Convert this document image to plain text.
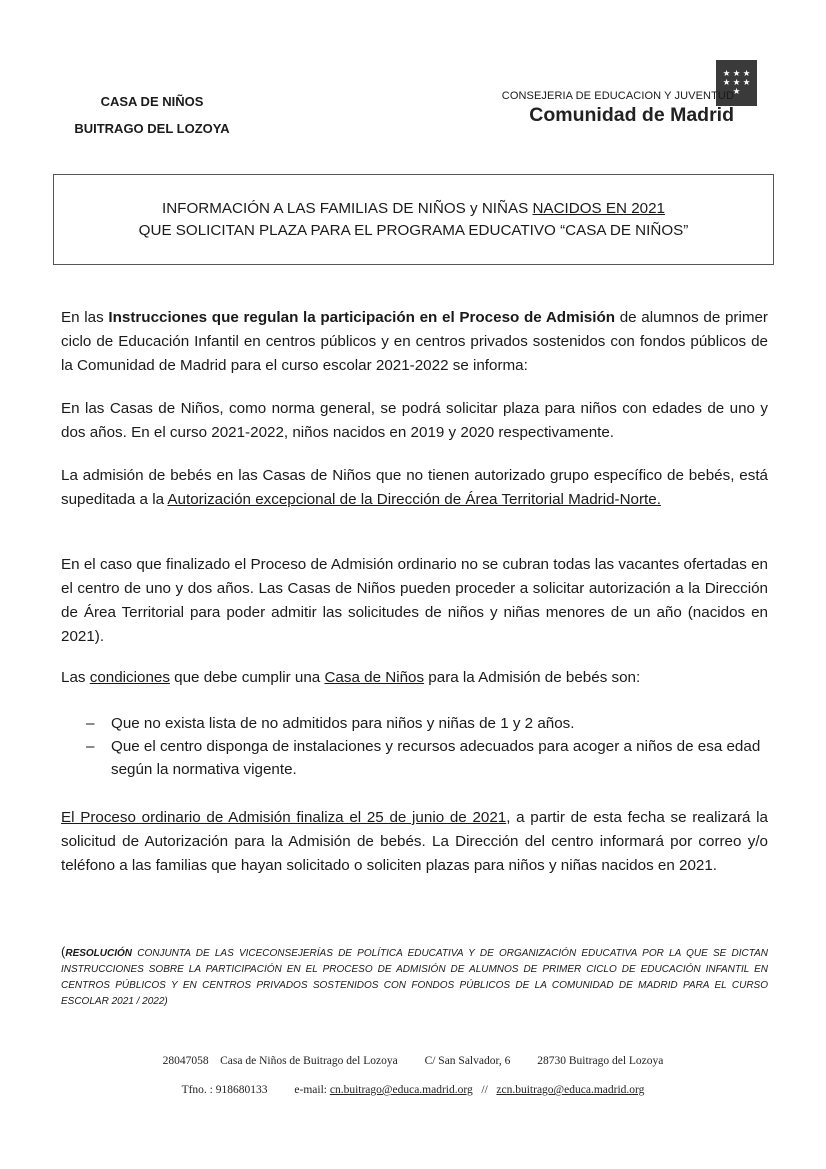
CASA DE NIÑOS
BUITRAGO DEL LOZOYA
★ ★ ★
★ ★ ★
★
CONSEJERIA DE EDUCACION Y JUVENTUD
Comunidad de Madrid
INFORMACIÓN A LAS FAMILIAS DE NIÑOS y NIÑAS NACIDOS EN 2021
QUE SOLICITAN PLAZA PARA EL PROGRAMA EDUCATIVO “CASA DE NIÑOS”
En las Instrucciones que regulan la participación en el Proceso de Admisión de alumnos de primer ciclo de Educación Infantil en centros públicos y en centros privados sostenidos con fondos públicos de la Comunidad de Madrid para el curso escolar 2021-2022 se informa:
En las Casas de Niños, como norma general, se podrá solicitar plaza para niños con edades de uno y dos años. En el curso 2021-2022, niños nacidos en 2019 y 2020 respectivamente.
La admisión de bebés en las Casas de Niños que no tienen autorizado grupo específico de bebés, está supeditada a la Autorización excepcional de la Dirección de Área Territorial Madrid-Norte.
En el caso que finalizado el Proceso de Admisión ordinario no se cubran todas las vacantes ofertadas en el centro de uno y dos años. Las Casas de Niños pueden proceder a solicitar autorización a la Dirección de Área Territorial para poder admitir las solicitudes de niños y niñas menores de un año (nacidos en 2021).
Las condiciones que debe cumplir una Casa de Niños para la Admisión de bebés son:
–	Que no exista lista de no admitidos para niños y niñas de 1 y 2 años.
–	Que el centro disponga de instalaciones y recursos adecuados para acoger a niños de esa edad según la normativa vigente.
El Proceso ordinario de Admisión finaliza el 25 de junio de 2021, a partir de esta fecha se realizará la solicitud de Autorización para la Admisión de bebés. La Dirección del centro informará por correo y/o teléfono a las familias que hayan solicitado o soliciten plazas para niños y niñas nacidos en 2021.
(RESOLUCIÓN CONJUNTA DE LAS VICECONSEJERÍAS DE POLÍTICA EDUCATIVA Y DE ORGANIZACIÓN EDUCATIVA POR LA QUE SE DICTAN INSTRUCCIONES SOBRE LA PARTICIPACIÓN EN EL PROCESO DE ADMISIÓN DE ALUMNOS DE PRIMER CICLO DE EDUCACIÓN INFANTIL EN CENTROS PÚBLICOS Y EN CENTROS PRIVADOS SOSTENIDOS CON FONDOS PÚBLICOS DE LA COMUNIDAD DE MADRID PARA EL CURSO ESCOLAR 2021 / 2022)
28047058 Casa de Niños de Buitrago del Lozoya C/ San Salvador, 6 28730 Buitrago del Lozoya
Tfno. : 918680133 e-mail: cn.buitrago@educa.madrid.org // zcn.buitrago@educa.madrid.org
